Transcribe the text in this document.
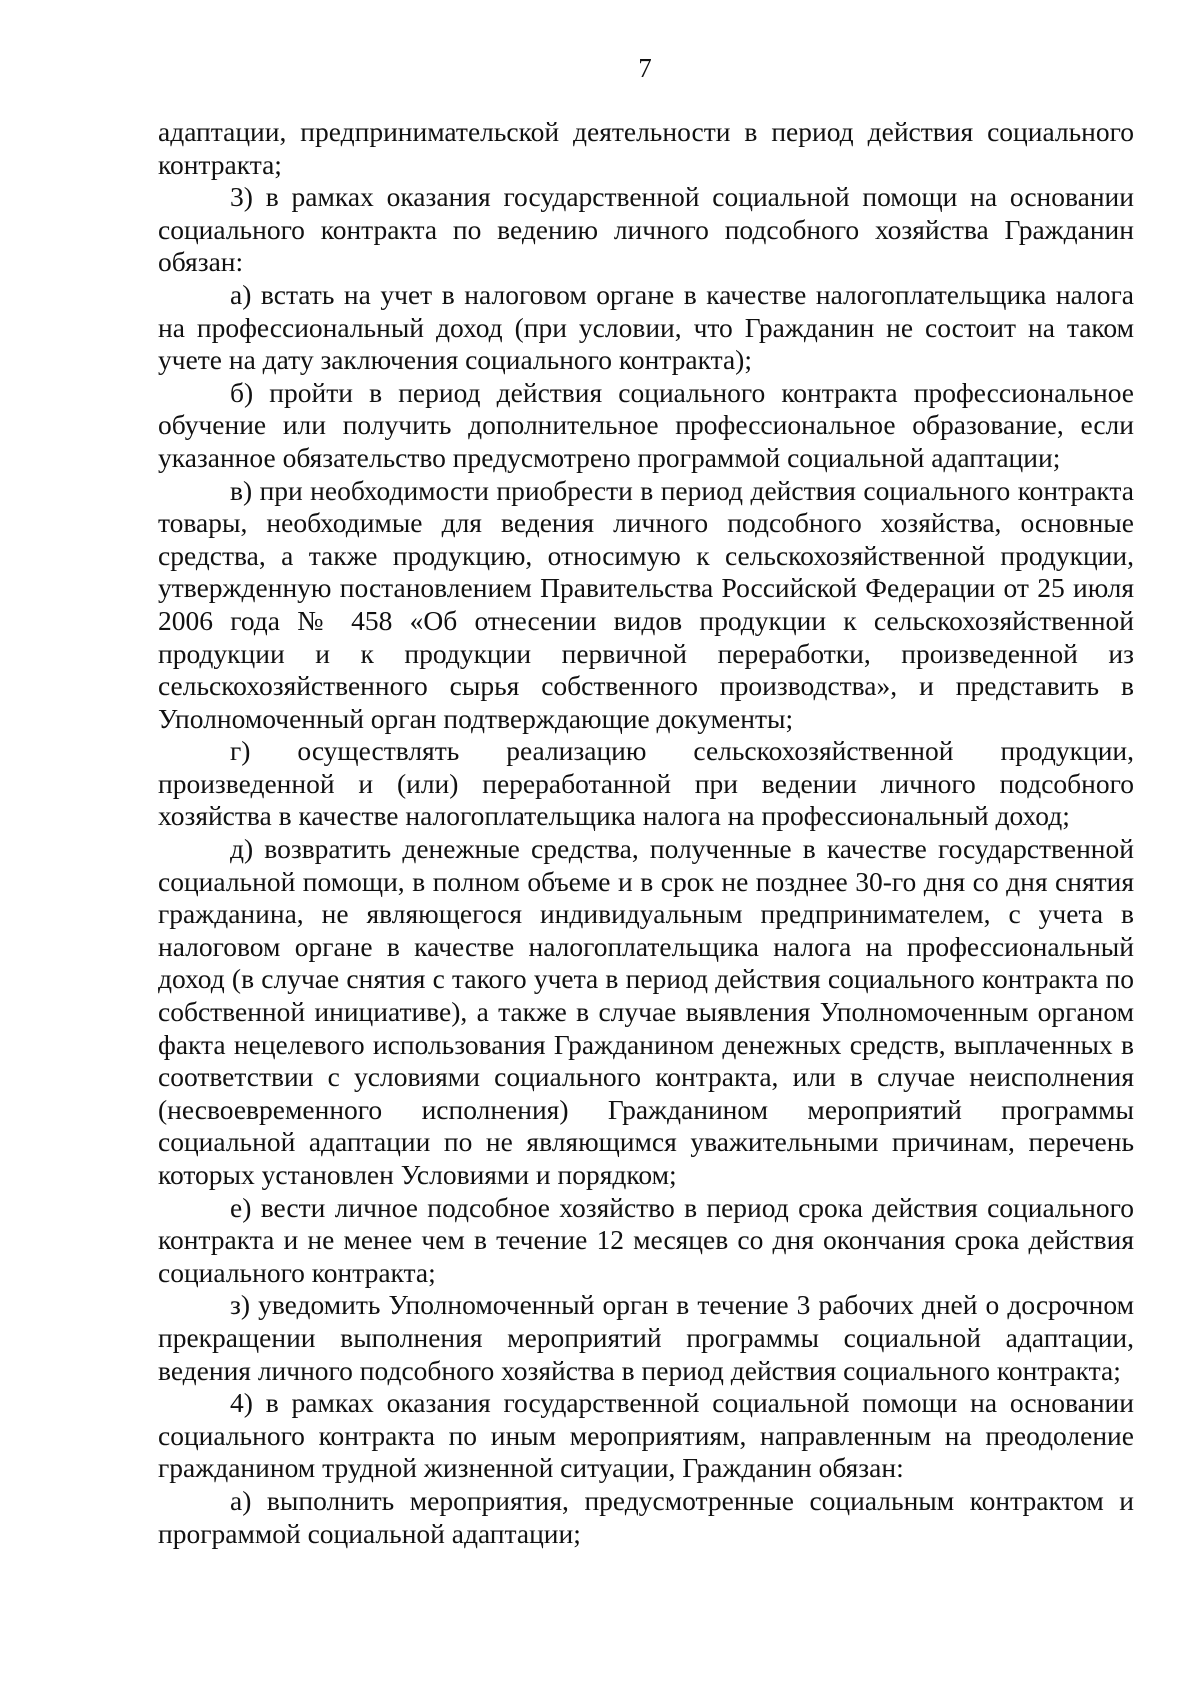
7

адаптации, предпринимательской деятельности в период действия социального контракта;

3) в рамках оказания государственной социальной помощи на основании социального контракта по ведению личного подсобного хозяйства Гражданин обязан:

а) встать на учет в налоговом органе в качестве налогоплательщика налога на профессиональный доход (при условии, что Гражданин не состоит на таком учете на дату заключения социального контракта);

б) пройти в период действия социального контракта профессиональное обучение или получить дополнительное профессиональное образование, если указанное обязательство предусмотрено программой социальной адаптации;

в) при необходимости приобрести в период действия социального контракта товары, необходимые для ведения личного подсобного хозяйства, основные средства, а также продукцию, относимую к сельскохозяйственной продукции, утвержденную постановлением Правительства Российской Федерации от 25 июля 2006 года № 458 «Об отнесении видов продукции к сельскохозяйственной продукции и к продукции первичной переработки, произведенной из сельскохозяйственного сырья собственного производства», и представить в Уполномоченный орган подтверждающие документы;

г) осуществлять реализацию сельскохозяйственной продукции, произведенной и (или) переработанной при ведении личного подсобного хозяйства в качестве налогоплательщика налога на профессиональный доход;

д) возвратить денежные средства, полученные в качестве государственной социальной помощи, в полном объеме и в срок не позднее 30-го дня со дня снятия гражданина, не являющегося индивидуальным предпринимателем, с учета в налоговом органе в качестве налогоплательщика налога на профессиональный доход (в случае снятия с такого учета в период действия социального контракта по собственной инициативе), а также в случае выявления Уполномоченным органом факта нецелевого использования Гражданином денежных средств, выплаченных в соответствии с условиями социального контракта, или в случае неисполнения (несвоевременного исполнения) Гражданином мероприятий программы социальной адаптации по не являющимся уважительными причинам, перечень которых установлен Условиями и порядком;

е) вести личное подсобное хозяйство в период срока действия социального контракта и не менее чем в течение 12 месяцев со дня окончания срока действия социального контракта;

з) уведомить Уполномоченный орган в течение 3 рабочих дней о досрочном прекращении выполнения мероприятий программы социальной адаптации, ведения личного подсобного хозяйства в период действия социального контракта;

4) в рамках оказания государственной социальной помощи на основании социального контракта по иным мероприятиям, направленным на преодоление гражданином трудной жизненной ситуации, Гражданин обязан:

а) выполнить мероприятия, предусмотренные социальным контрактом и программой социальной адаптации;
